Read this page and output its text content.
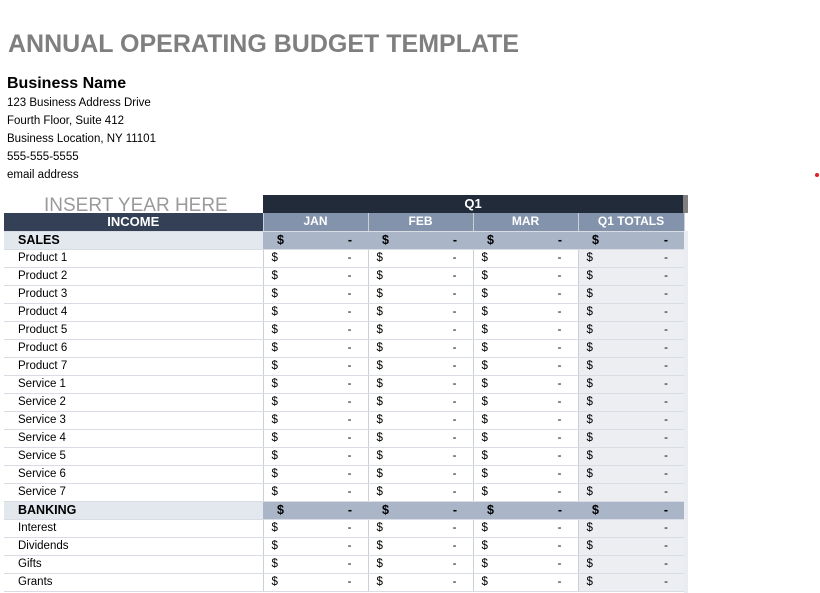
ANNUAL OPERATING BUDGET TEMPLATE
Business Name
123 Business Address Drive
Fourth Floor, Suite 412
Business Location, NY 11101
555-555-5555
email address
INSERT YEAR HERE	Q1
INCOME	JAN	FEB	MAR	Q1 TOTALS
SALES	$ -	$ -	$ -	$ -

Product 1	$ -	$ -	$ -	$ -

Product 2	$ -	$ -	$ -	$ -

Product 3	$ -	$ -	$ -	$ -

Product 4	$ -	$ -	$ -	$ -

Product 5	$ -	$ -	$ -	$ -

Product 6	$ -	$ -	$ -	$ -

Product 7	$ -	$ -	$ -	$ -

Service 1	$ -	$ -	$ -	$ -

Service 2	$ -	$ -	$ -	$ -

Service 3	$ -	$ -	$ -	$ -

Service 4	$ -	$ -	$ -	$ -

Service 5	$ -	$ -	$ -	$ -

Service 6	$ -	$ -	$ -	$ -

Service 7	$ -	$ -	$ -	$ -

BANKING	$ -	$ -	$ -	$ -

Interest	$ -	$ -	$ -	$ -

Dividends	$ -	$ -	$ -	$ -

Gifts	$ -	$ -	$ -	$ -

Grants	$ -	$ -	$ -	$ -
